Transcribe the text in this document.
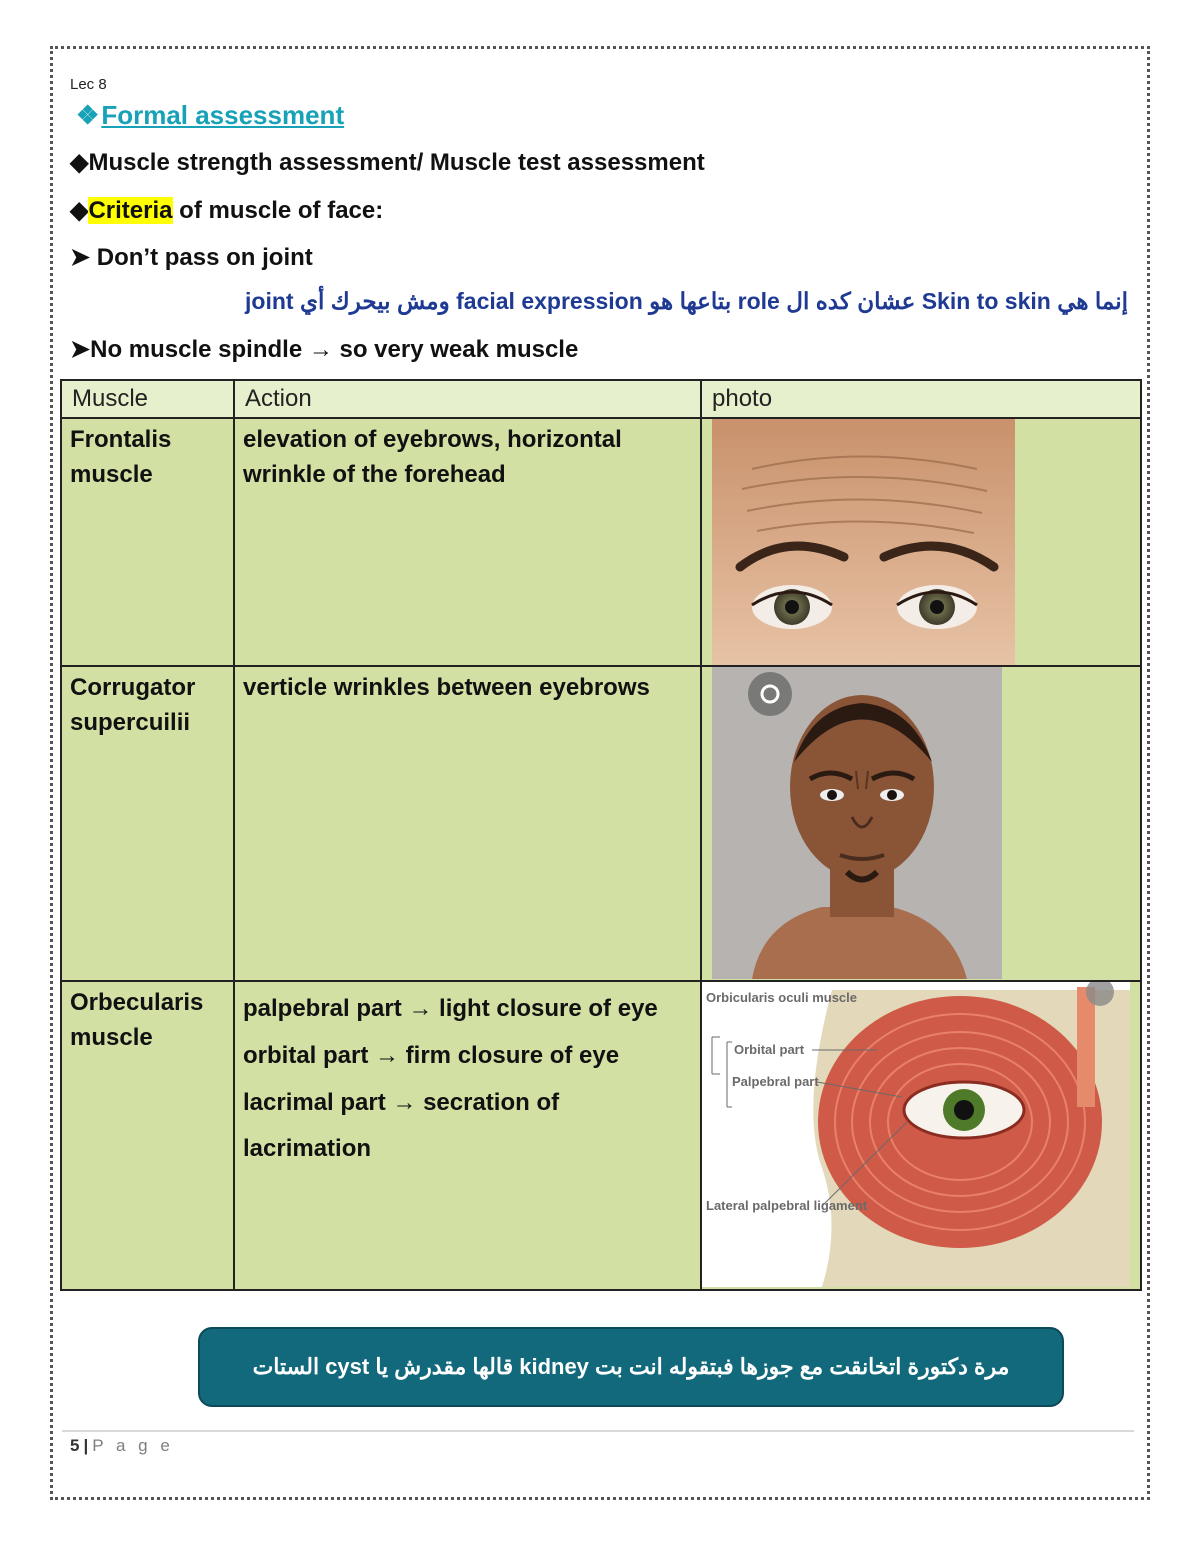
Lec 8
❖Formal assessment
◆Muscle strength assessment/ Muscle test assessment
◆Criteria of muscle of face:
➤ Don’t pass on joint
إنما هي Skin to skin عشان كده ال role بتاعها هو facial expression ومش بيحرك أي joint
➤No muscle spindle → so very weak muscle
Muscle	Action	photo
Frontalis muscle	elevation of eyebrows, horizontal wrinkle of the forehead	

Corrugator supercuilii	verticle wrinkles between eyebrows	

Orbecularis muscle	palpebral part → light closure of eye
orbital part → firm closure of eye
lacrimal part → secration of lacrimation	Orbicularis oculi muscle
Orbital part
Palpebral part
Lateral palpebral ligament
مرة دكتورة اتخانقت مع جوزها فبتقوله انت بت kidney قالها مقدرش يا cyst الستات
5 | P a g e
